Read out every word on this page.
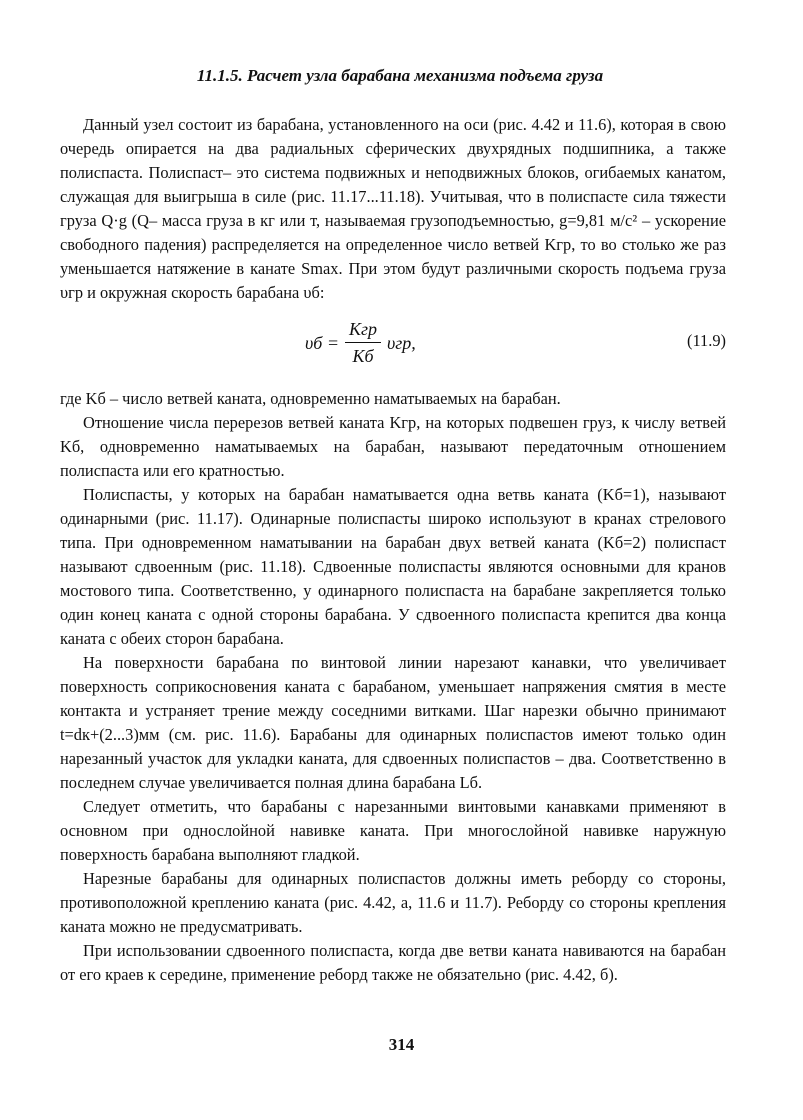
11.1.5. Расчет узла барабана механизма подъема груза

Данный узел состоит из барабана, установленного на оси (рис. 4.42 и 11.6), которая в свою очередь опирается на два радиальных сферических двухрядных подшипника, а также полиспаста. Полиспаст– это система подвижных и неподвижных блоков, огибаемых канатом, служащая для выигрыша в силе (рис. 11.17...11.18). Учитывая, что в полиспасте сила тяжести груза Q·g (Q– масса груза в кг или т, называемая грузоподъемностью, g=9,81 м/с² – ускорение свободного падения) распределяется на определенное число ветвей Kгр, то во столько же раз уменьшается натяжение в канате Smax. При этом будут различными скорость подъема груза υгр и окружная скорость барабана υб:

$\upsilon б = \frac{\text{Kгр}}{Kб} \upsilon гр$,	(11.9)

где Kб – число ветвей каната, одновременно наматываемых на барабан.

Отношение числа перерезов ветвей каната Kгр, на которых подвешен груз, к числу ветвей Kб, одновременно наматываемых на барабан, называют передаточным отношением полиспаста или его кратностью.

Полиспасты, у которых на барабан наматывается одна ветвь каната (Kб=1), называют одинарными (рис. 11.17). Одинарные полиспасты широко используют в кранах стрелового типа. При одновременном наматывании на барабан двух ветвей каната (Kб=2) полиспаст называют сдвоенным (рис. 11.18). Сдвоенные полиспасты являются основными для кранов мостового типа. Соответственно, у одинарного полиспаста на барабане закрепляется только один конец каната с одной стороны барабана. У сдвоенного полиспаста крепится два конца каната с обеих сторон барабана.

На поверхности барабана по винтовой линии нарезают канавки, что увеличивает поверхность соприкосновения каната с барабаном, уменьшает напряжения смятия в месте контакта и устраняет трение между соседними витками. Шаг нарезки обычно принимают t=dк+(2...3)мм (см. рис. 11.6). Барабаны для одинарных полиспастов имеют только один нарезанный участок для укладки каната, для сдвоенных полиспастов – два. Соответственно в последнем случае увеличивается полная длина барабана Lб.

Следует отметить, что барабаны с нарезанными винтовыми канавками применяют в основном при однослойной навивке каната. При многослойной навивке наружную поверхность барабана выполняют гладкой.

Нарезные барабаны для одинарных полиспастов должны иметь реборду со стороны, противоположной креплению каната (рис. 4.42, а, 11.6 и 11.7). Реборду со стороны крепления каната можно не предусматривать.

При использовании сдвоенного полиспаста, когда две ветви каната навиваются на барабан от его краев к середине, применение реборд также не обязательно (рис. 4.42, б).

314
